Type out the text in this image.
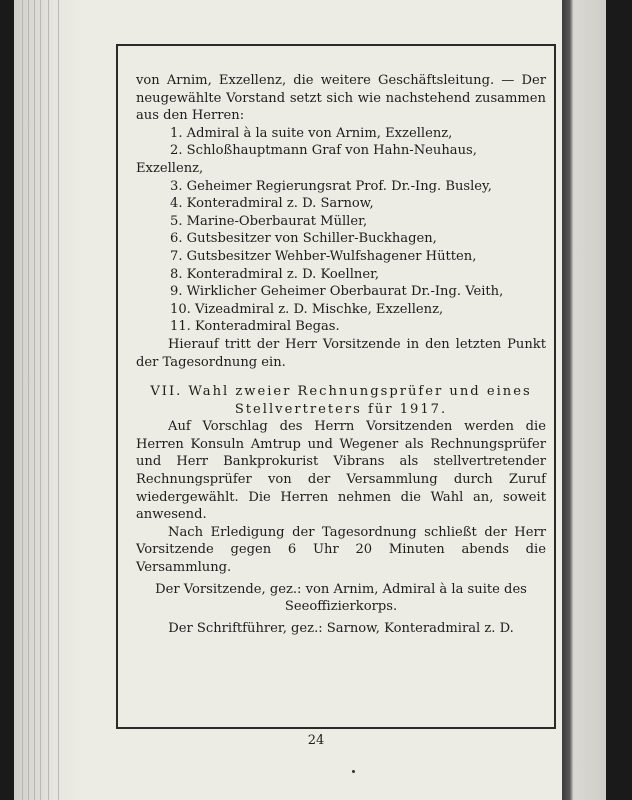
von Arnim, Exzellenz, die weitere Geschäftsleitung. — Der neugewählte Vorstand setzt sich wie nachstehend zusammen aus den Herren:

1. Admiral à la suite von Arnim, Exzellenz,

2. Schloßhauptmann Graf von Hahn-Neuhaus,

Exzellenz,

3. Geheimer Regierungsrat Prof. Dr.-Ing. Busley,

4. Konteradmiral z. D. Sarnow,

5. Marine-Oberbaurat Müller,

6. Gutsbesitzer von Schiller-Buckhagen,

7. Gutsbesitzer Wehber-Wulfshagener Hütten,

8. Konteradmiral z. D. Koellner,

9. Wirklicher Geheimer Oberbaurat Dr.-Ing. Veith,

10. Vizeadmiral z. D. Mischke, Exzellenz,

11. Konteradmiral Begas.

Hierauf tritt der Herr Vorsitzende in den letzten Punkt der Tagesordnung ein.

VII. Wahl zweier Rechnungsprüfer und eines

Stellvertreters für 1917.

Auf Vorschlag des Herrn Vorsitzenden werden die Herren Konsuln Amtrup und Wegener als Rechnungsprüfer und Herr Bankprokurist Vibrans als stellvertretender Rechnungsprüfer von der Versammlung durch Zuruf wiedergewählt. Die Herren nehmen die Wahl an, soweit anwesend.

Nach Erledigung der Tagesordnung schließt der Herr Vorsitzende gegen 6 Uhr 20 Minuten abends die Versammlung.

Der Vorsitzende, gez.: von Arnim, Admiral à la suite des

Seeoffizierkorps.

Der Schriftführer, gez.: Sarnow, Konteradmiral z. D.

24
